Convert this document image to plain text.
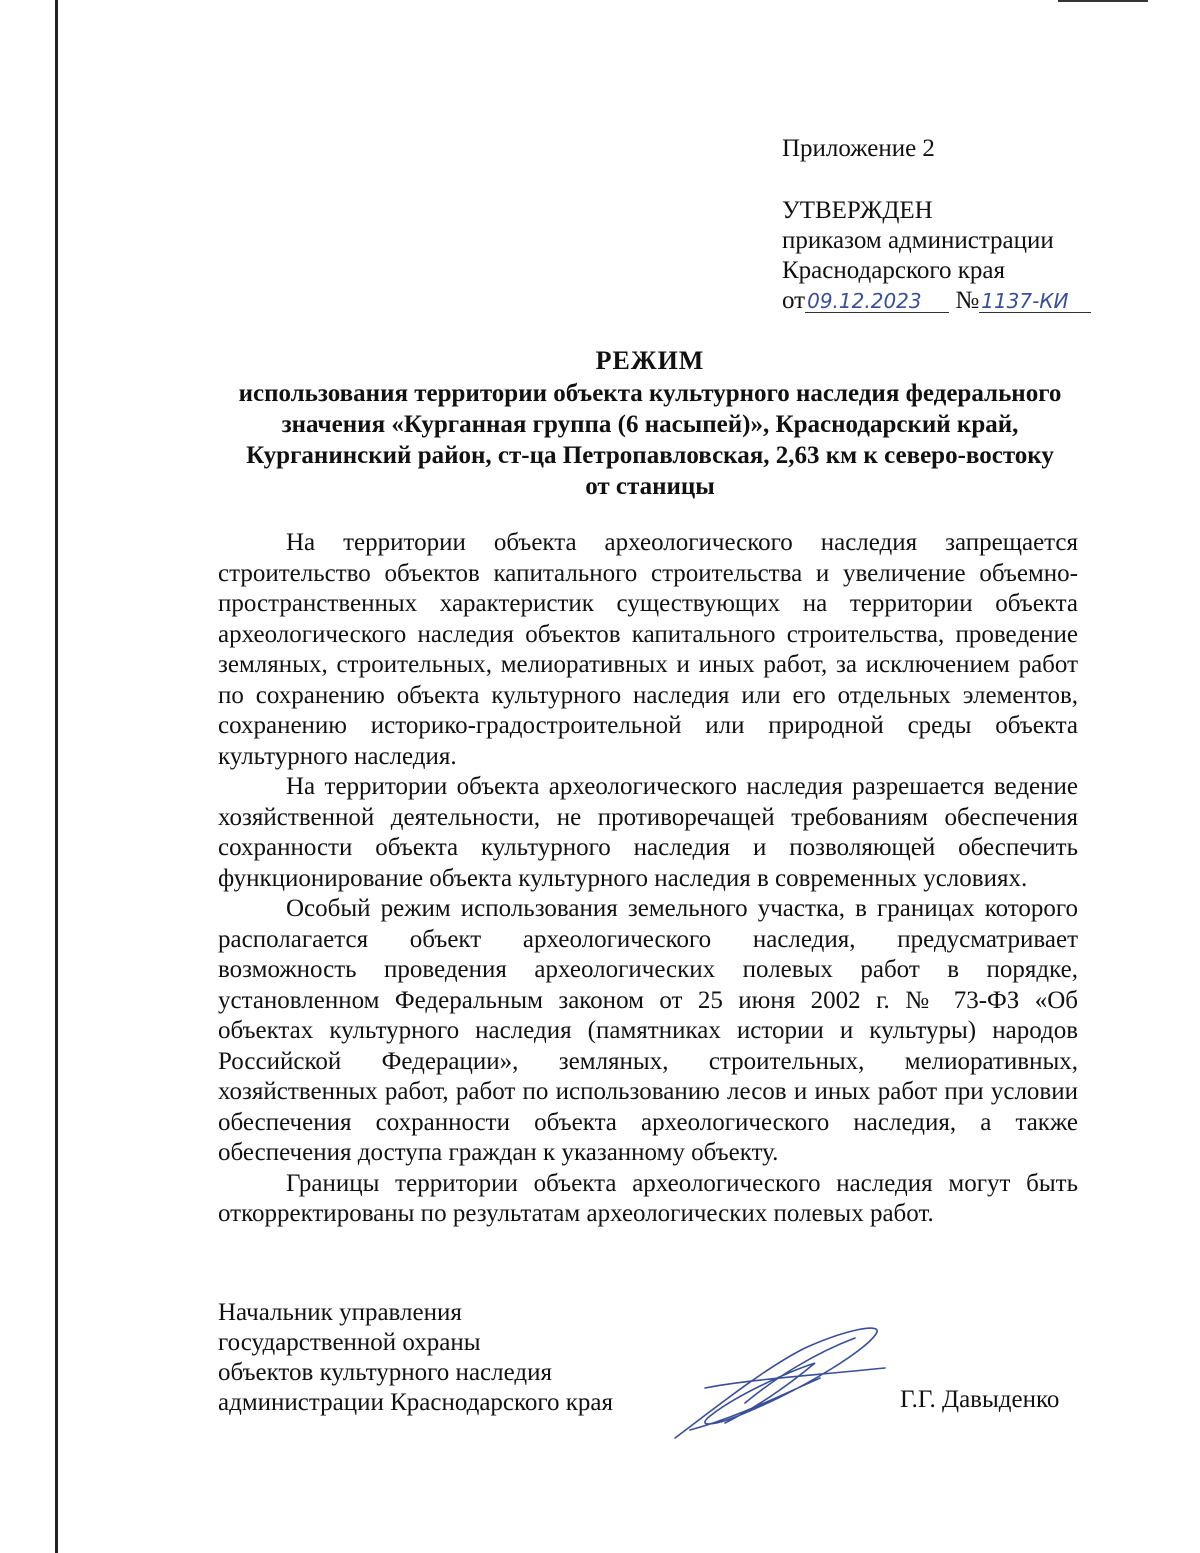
Приложение 2
УТВЕРЖДЕН
приказом администрации
Краснодарского края
от 09.12.2023 № 1137-КИ
РЕЖИМ
использования территории объекта культурного наследия федерального
значения «Курганная группа (6 насыпей)», Краснодарский край,
Курганинский район, ст-ца Петропавловская, 2,63 км к северо-востоку
от станицы

На территории объекта археологического наследия запрещается строительство объектов капитального строительства и увеличение объемно-пространственных характеристик существующих на территории объекта археологического наследия объектов капитального строительства, проведение земляных, строительных, мелиоративных и иных работ, за исключением работ по сохранению объекта культурного наследия или его отдельных элементов, сохранению историко-градостроительной или природной среды объекта культурного наследия.

На территории объекта археологического наследия разрешается ведение хозяйственной деятельности, не противоречащей требованиям обеспечения сохранности объекта культурного наследия и позволяющей обеспечить функционирование объекта культурного наследия в современных условиях.

Особый режим использования земельного участка, в границах которого располагается объект археологического наследия, предусматривает возможность проведения археологических полевых работ в порядке, установленном Федеральным законом от 25 июня 2002 г. № 73-ФЗ «Об объектах культурного наследия (памятниках истории и культуры) народов Российской Федерации», земляных, строительных, мелиоративных, хозяйственных работ, работ по использованию лесов и иных работ при условии обеспечения сохранности объекта археологического наследия, а также обеспечения доступа граждан к указанному объекту.

Границы территории объекта археологического наследия могут быть откорректированы по результатам археологических полевых работ.

Начальник управления
государственной охраны
объектов культурного наследия
администрации Краснодарского края	Г.Г. Давыденко
